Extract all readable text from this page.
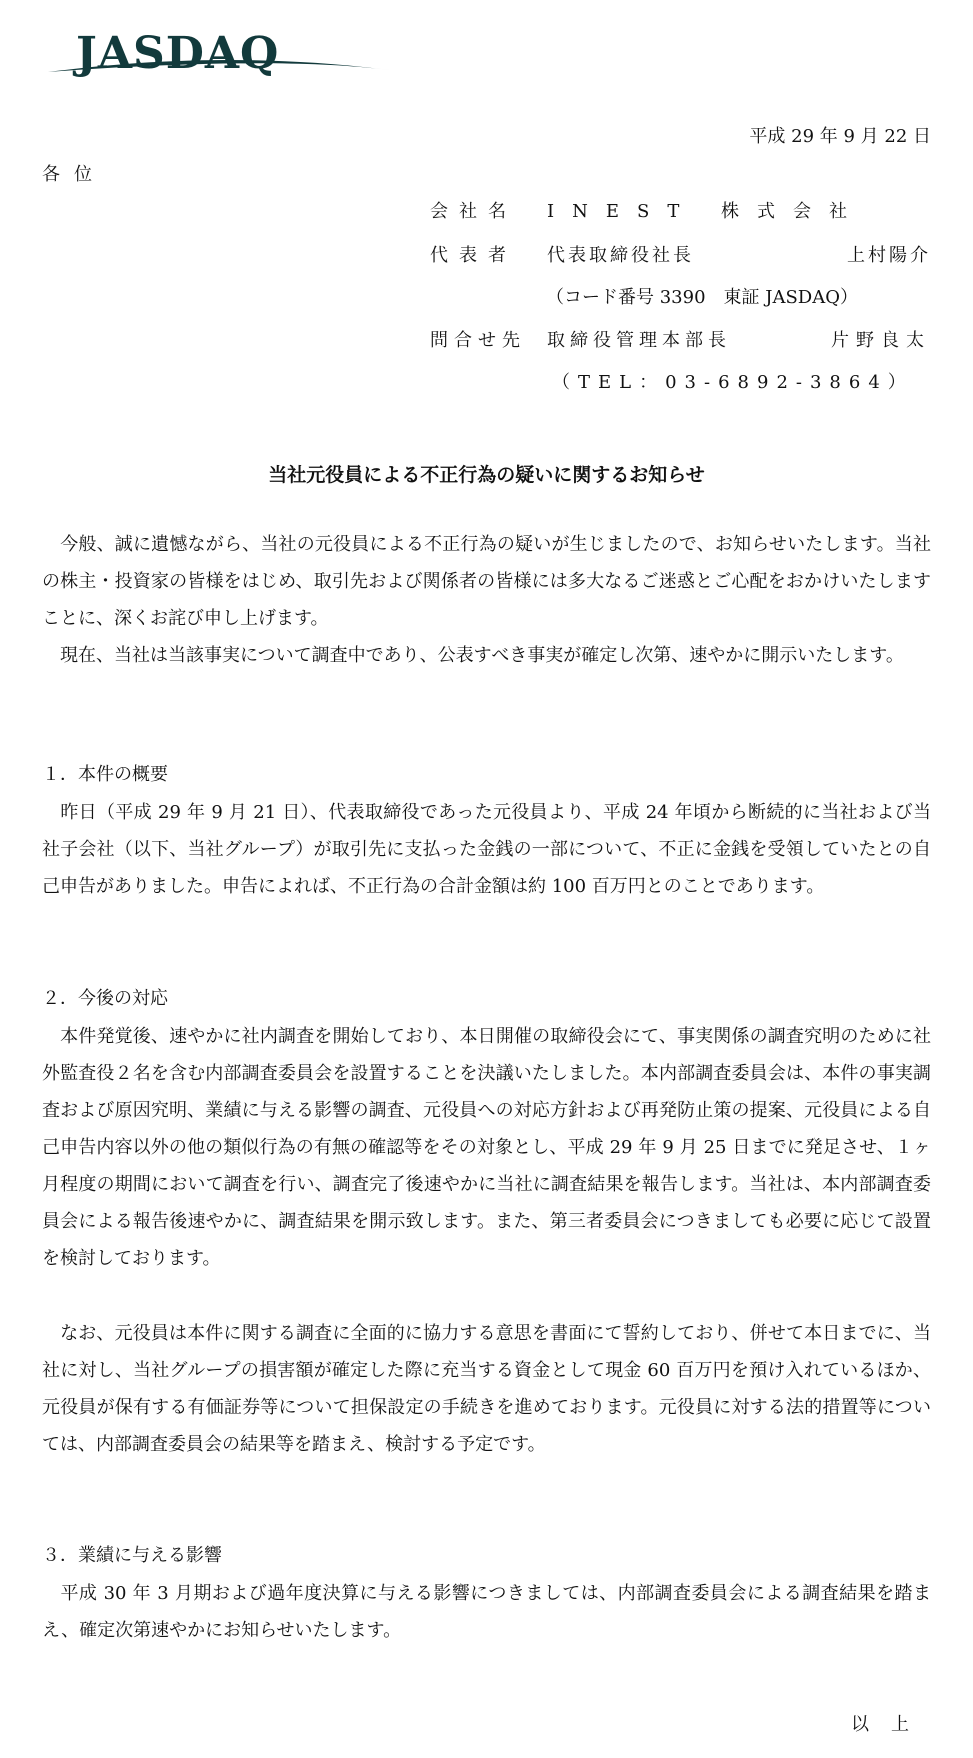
JASDAQ
平成 29 年 9 月 22 日
各位
会社名 INEST 株式会社
代表者 代表取締役社長	上村陽介
（コード番号 3390　東証 JASDAQ）
問合せ先 取締役管理本部長	片野良太
（TEL：03-6892-3864）
当社元役員による不正行為の疑いに関するお知らせ
　今般、誠に遺憾ながら、当社の元役員による不正行為の疑いが生じましたので、お知らせいたします。当社の株主・投資家の皆様をはじめ、取引先および関係者の皆様には多大なるご迷惑とご心配をおかけいたしますことに、深くお詫び申し上げます。
　現在、当社は当該事実について調査中であり、公表すべき事実が確定し次第、速やかに開示いたします。
１．本件の概要
　昨日（平成 29 年 9 月 21 日）、代表取締役であった元役員より、平成 24 年頃から断続的に当社および当社子会社（以下、当社グループ）が取引先に支払った金銭の一部について、不正に金銭を受領していたとの自己申告がありました。申告によれば、不正行為の合計金額は約 100 百万円とのことであります。
２．今後の対応
　本件発覚後、速やかに社内調査を開始しており、本日開催の取締役会にて、事実関係の調査究明のために社外監査役２名を含む内部調査委員会を設置することを決議いたしました。本内部調査委員会は、本件の事実調査および原因究明、業績に与える影響の調査、元役員への対応方針および再発防止策の提案、元役員による自己申告内容以外の他の類似行為の有無の確認等をその対象とし、平成 29 年 9 月 25 日までに発足させ、１ヶ月程度の期間において調査を行い、調査完了後速やかに当社に調査結果を報告します。当社は、本内部調査委員会による報告後速やかに、調査結果を開示致します。また、第三者委員会につきましても必要に応じて設置を検討しております。
　なお、元役員は本件に関する調査に全面的に協力する意思を書面にて誓約しており、併せて本日までに、当社に対し、当社グループの損害額が確定した際に充当する資金として現金 60 百万円を預け入れているほか、元役員が保有する有価証券等について担保設定の手続きを進めております。元役員に対する法的措置等については、内部調査委員会の結果等を踏まえ、検討する予定です。
３．業績に与える影響
　平成 30 年 3 月期および過年度決算に与える影響につきましては、内部調査委員会による調査結果を踏まえ、確定次第速やかにお知らせいたします。
以上
